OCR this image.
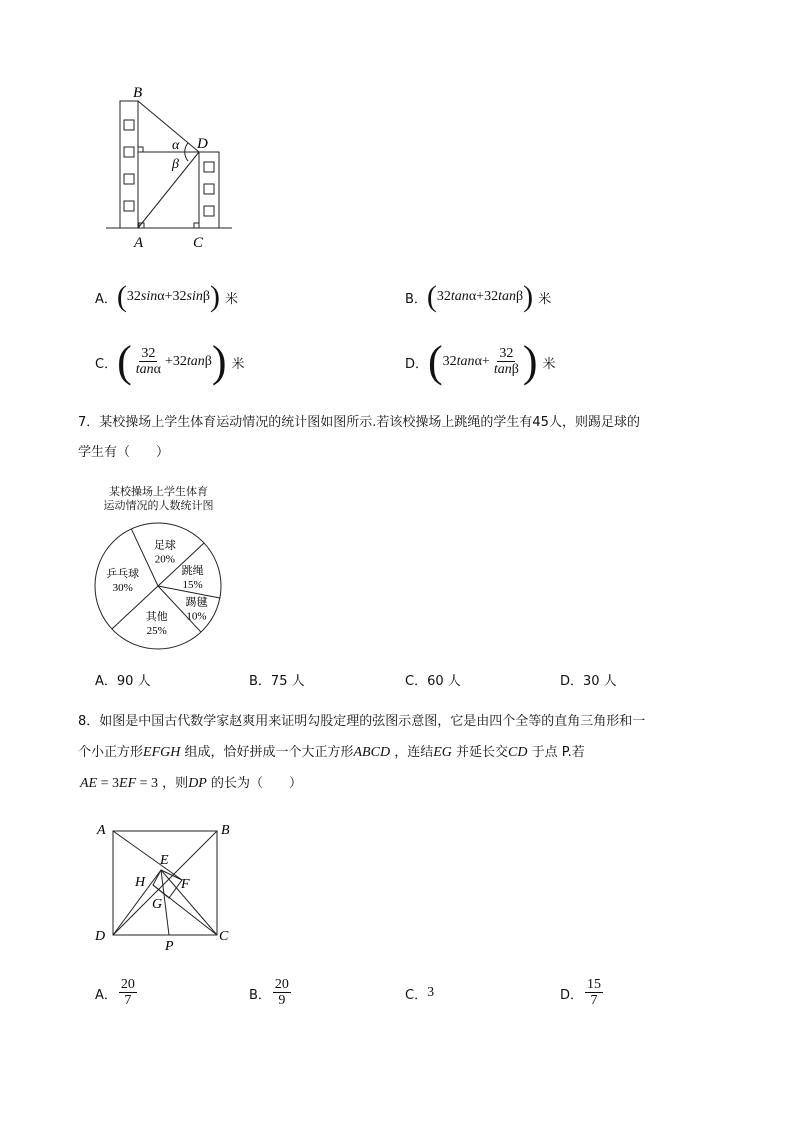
B
D
α
β
A	C
A． ( 32 sin α + 32 sin β ) 米	B． ( 32 tan α + 32 tan β ) 米
C． ( $\frac{32}{\tan\alpha} + 32$ tan β ) 米	D． ( 32 $\tan \alpha + \frac{32}{\tan\beta}$ ) 米
7．某校操场上学生体育运动情况的统计图如图所示.若该校操场上跳绳的学生有45人，则踢足球的
学生有（　　）
某校操场上学生体育
运动情况的人数统计图
足球
20%
跳绳
15%
踢毽
10%
其他
25%
乒乓球
30%
A．90 人	B．75 人	C．60 人	D．30 人
8．如图是中国古代数学家赵爽用来证明勾股定理的弦图示意图，它是由四个全等的直角三角形和一
个小正方形EFGH 组成，恰好拼成一个大正方形ABCD ，连结EG 并延长交CD 于点 P.若
AE = 3EF = 3 ，则DP 的长为（　　）
A	B
D	C
E
F
H
G
P
A． $\frac{20}{7}$	B． $\frac{20}{9}$	C． 3	D． $\frac{15}{7}$
